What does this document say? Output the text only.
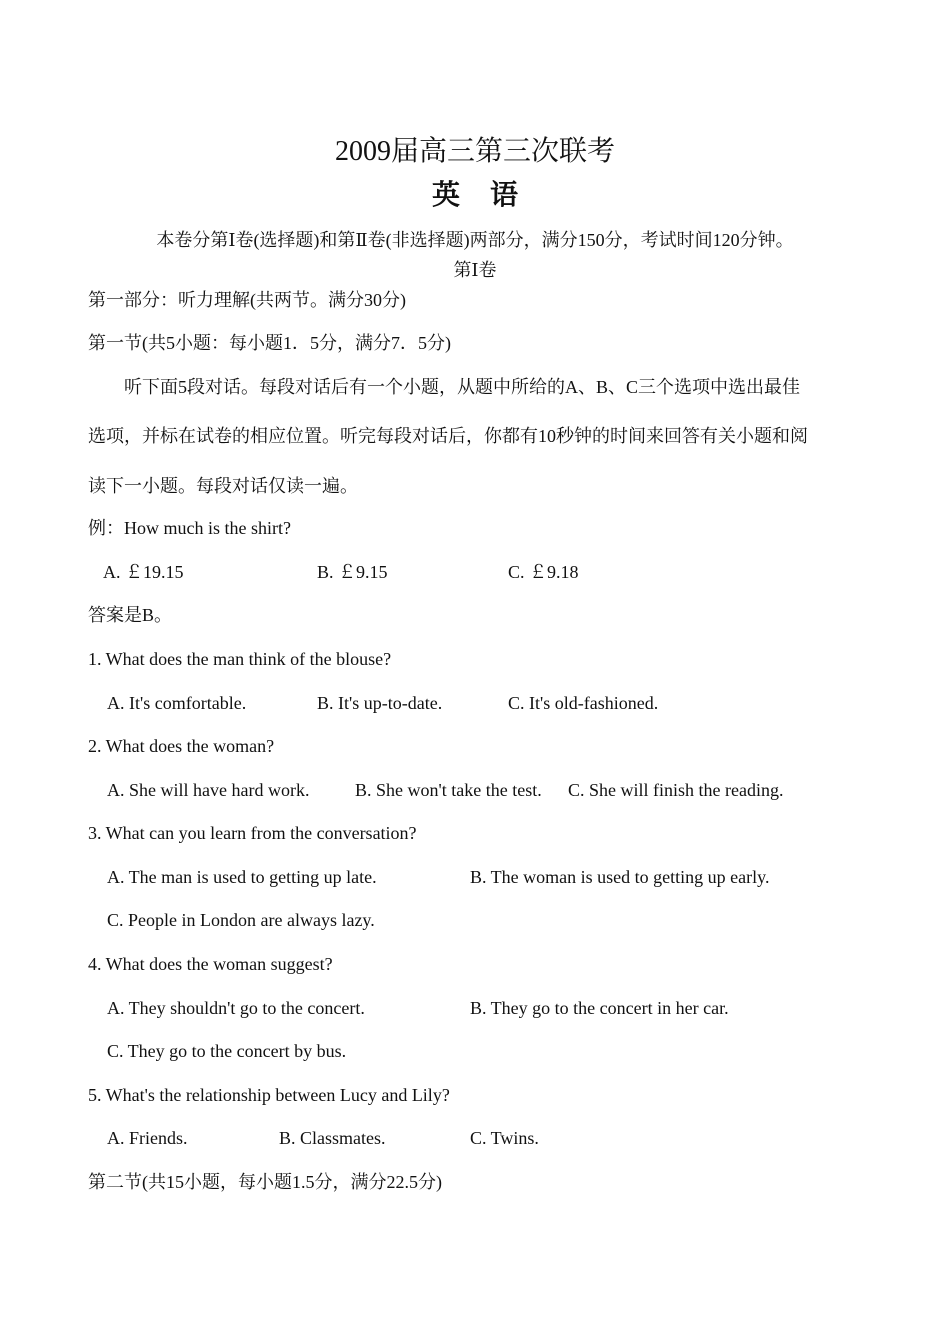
2009届高三第三次联考
英语
本卷分第Ⅰ卷(选择题)和第Ⅱ卷(非选择题)两部分，满分150分，考试时间120分钟。
第Ⅰ卷
第一部分：听力理解(共两节。满分30分)
第一节(共5小题：每小题1．5分，满分7．5分)
听下面5段对话。每段对话后有一个小题，从题中所给的A、B、C三个选项中选出最佳
选项，并标在试卷的相应位置。听完每段对话后，你都有10秒钟的时间来回答有关小题和阅
读下一小题。每段对话仅读一遍。
例：How much is the shirt?
A. ￡19.15	B. ￡9.15	C. ￡9.18
答案是B。
1. What does the man think of the blouse?
A. It's comfortable.	B. It's up-to-date.	C. It's old-fashioned.
2. What does the woman?
A. She will have hard work.	B. She won't take the test. C. She will finish the reading.
3. What can you learn from the conversation?
A. The man is used to getting up late.	B. The woman is used to getting up early.
C. People in London are always lazy.
4. What does the woman suggest?
A. They shouldn't go to the concert.	B. They go to the concert in her car.
C. They go to the concert by bus.
5. What's the relationship between Lucy and Lily?
A. Friends.	B. Classmates.	C. Twins.
第二节(共15小题，每小题1.5分，满分22.5分)
